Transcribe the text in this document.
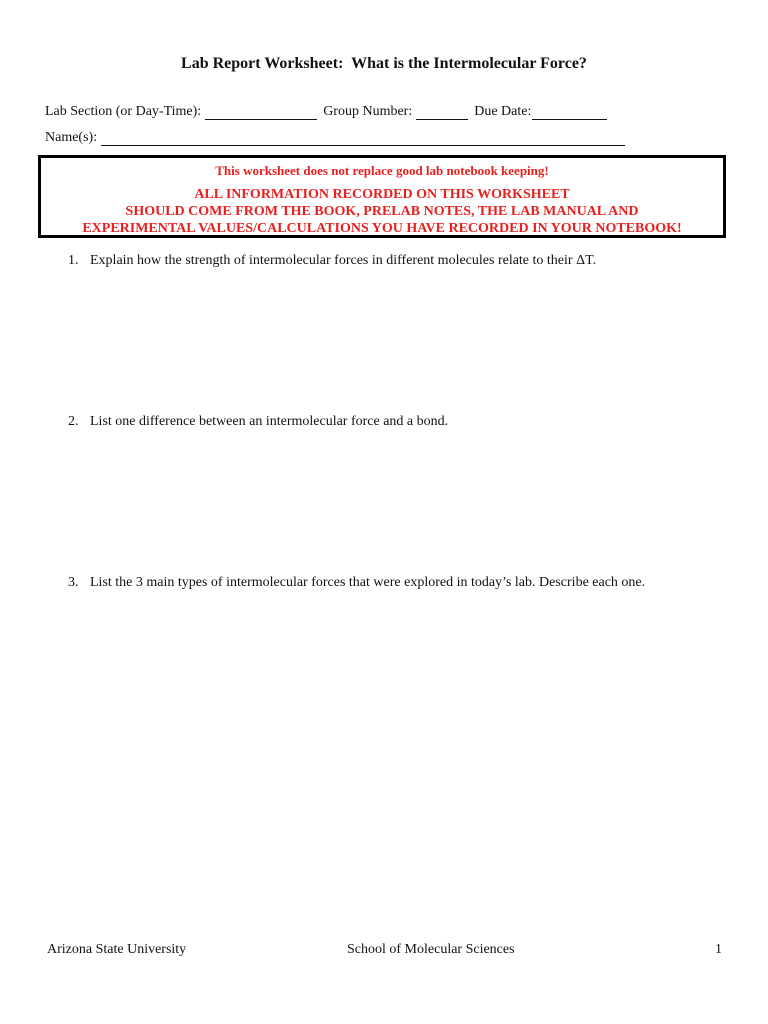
Lab Report Worksheet:  What is the Intermolecular Force?
Lab Section (or Day-Time):	Group Number:	Due Date:
Name(s):
This worksheet does not replace good lab notebook keeping!
ALL INFORMATION RECORDED ON THIS WORKSHEET
SHOULD COME FROM THE BOOK, PRELAB NOTES, THE LAB MANUAL AND
EXPERIMENTAL VALUES/CALCULATIONS YOU HAVE RECORDED IN YOUR NOTEBOOK!
1. Explain how the strength of intermolecular forces in different molecules relate to their ΔT.
2. List one difference between an intermolecular force and a bond.
3. List the 3 main types of intermolecular forces that were explored in today’s lab. Describe each one.
Arizona State University	School of Molecular Sciences	1
